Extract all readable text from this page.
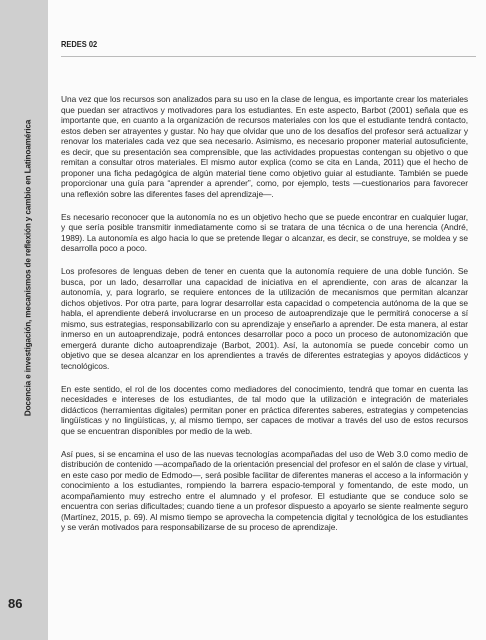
Docencia e investigación, mecanismos de reflexión y cambio en Latinoamérica
86
REDES 02

Una vez que los recursos son analizados para su uso en la clase de lengua, es importante crear los materiales que puedan ser atractivos y motivadores para los estudiantes. En este aspecto, Barbot (2001) señala que es importante que, en cuanto a la organización de recursos materiales con los que el estudiante tendrá contacto, estos deben ser atrayentes y gustar. No hay que olvidar que uno de los desafíos del profesor será actualizar y renovar los materiales cada vez que sea necesario. Asimismo, es necesario proponer material autosuficiente, es decir, que su presentación sea comprensible, que las actividades propuestas contengan su objetivo o que remitan a consultar otros materiales. El mismo autor explica (como se cita en Landa, 2011) que el hecho de proponer una ficha pedagógica de algún material tiene como objetivo guiar al estudiante. También se puede proporcionar una guía para “aprender a aprender”, como, por ejemplo, tests —cuestionarios para favorecer una reflexión sobre las diferentes fases del aprendizaje—.

Es necesario reconocer que la autonomía no es un objetivo hecho que se puede encontrar en cualquier lugar, y que sería posible transmitir inmediatamente como si se tratara de una técnica o de una herencia (André, 1989). La autonomía es algo hacia lo que se pretende llegar o alcanzar, es decir, se construye, se moldea y se desarrolla poco a poco.

Los profesores de lenguas deben de tener en cuenta que la autonomía requiere de una doble función. Se busca, por un lado, desarrollar una capacidad de iniciativa en el aprendiente, con aras de alcanzar la autonomía, y, para lograrlo, se requiere entonces de la utilización de mecanismos que permitan alcanzar dichos objetivos. Por otra parte, para lograr desarrollar esta capacidad o competencia autónoma de la que se habla, el aprendiente deberá involucrarse en un proceso de autoaprendizaje que le permitirá conocerse a sí mismo, sus estrategias, responsabilizarlo con su aprendizaje y enseñarlo a aprender. De esta manera, al estar inmerso en un autoaprendizaje, podrá entonces desarrollar poco a poco un proceso de autonomización que emergerá durante dicho autoaprendizaje (Barbot, 2001). Así, la autonomía se puede concebir como un objetivo que se desea alcanzar en los aprendientes a través de diferentes estrategias y apoyos didácticos y tecnológicos.

En este sentido, el rol de los docentes como mediadores del conocimiento, tendrá que tomar en cuenta las necesidades e intereses de los estudiantes, de tal modo que la utilización e integración de materiales didácticos (herramientas digitales) permitan poner en práctica diferentes saberes, estrategias y competencias lingüísticas y no lingüísticas, y, al mismo tiempo, ser capaces de motivar a través del uso de estos recursos que se encuentran disponibles por medio de la web.

Así pues, si se encamina el uso de las nuevas tecnologías acompañadas del uso de Web 3.0 como medio de distribución de contenido —acompañado de la orientación presencial del profesor en el salón de clase y virtual, en este caso por medio de Edmodo—, será posible facilitar de diferentes maneras el acceso a la información y conocimiento a los estudiantes, rompiendo la barrera espacio-temporal y fomentando, de este modo, un acompañamiento muy estrecho entre el alumnado y el profesor. El estudiante que se conduce solo se encuentra con serias dificultades; cuando tiene a un profesor dispuesto a apoyarlo se siente realmente seguro (Martínez, 2015, p. 69). Al mismo tiempo se aprovecha la competencia digital y tecnológica de los estudiantes y se verán motivados para responsabilizarse de su proceso de aprendizaje.
